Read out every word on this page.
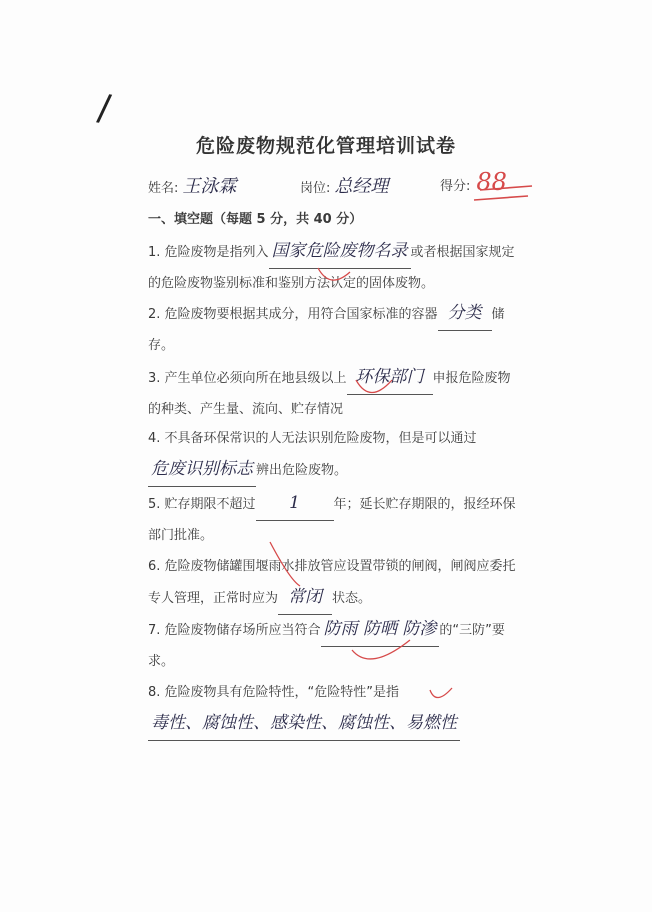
/
危险废物规范化管理培训试卷
姓名: 王泳霖	岗位: 总经理	得分: 88
一、填空题（每题 5 分，共 40 分）
1. 危险废物是指列入 国家危险废物名录 或者根据国家规定的危险废物鉴别标准和鉴别方法认定的固体废物。
2. 危险废物要根据其成分，用符合国家标准的容器 分类 储存。
3. 产生单位必须向所在地县级以上 环保部门 申报危险废物的种类、产生量、流向、贮存情况
4. 不具备环保常识的人无法识别危险废物，但是可以通过危废识别标志 辨出危险废物。
5. 贮存期限不超过 1	年；延长贮存期限的，报经环保部门批准。
6. 危险废物储罐围堰雨水排放管应设置带锁的闸阀，闸阀应委托专人管理，正常时应为 常闭 状态。
7. 危险废物储存场所应当符合 防雨 防晒 防渗 的“三防”要求。
8. 危险废物具有危险特性，“危险特性”是指毒性、腐蚀性、感染性、腐蚀性、易燃性
